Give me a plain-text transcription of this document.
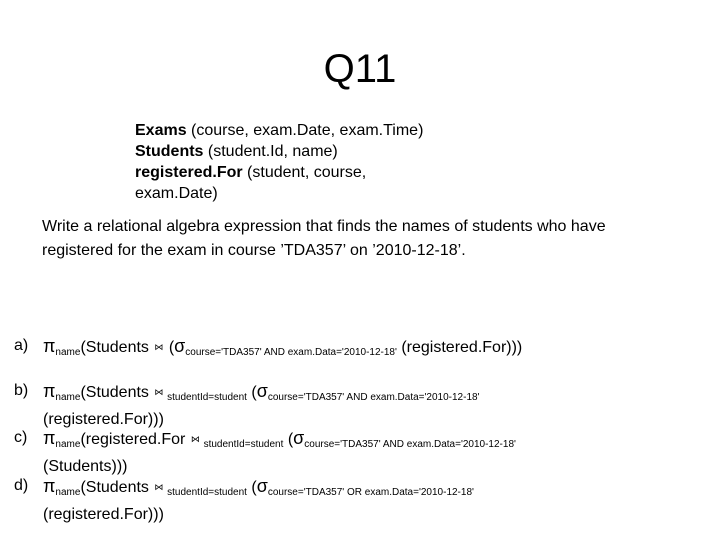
Q11
Exams (course, exam.Date, exam.Time)
Students (student.Id, name)
registered.For (student, course,
exam.Date)
Write a relational algebra expression that finds the names of students who have registered for the exam in course ’TDA357’ on ’2010-12-18’.
a) $\pi_{name}(Students$ ⋈ ($\sigma_{course='TDA357' AND exam.Data='2010-12-18'}$ (registered.For)))
b) $\pi_{name}(Students$ ⋈ $_{studentId=student}$ ($\sigma_{course='TDA357' AND exam.Data='2010-12-18'}$
(registered.For)))
c) $\pi_{name}(registered.For$ ⋈ $_{studentId=student}$ ($\sigma_{course='TDA357' AND exam.Data='2010-12-18'}$
(Students)))
d) $\pi_{name}(Students$ ⋈ $_{studentId=student}$ ($\sigma_{course='TDA357' OR exam.Data='2010-12-18'}$
(registered.For)))
